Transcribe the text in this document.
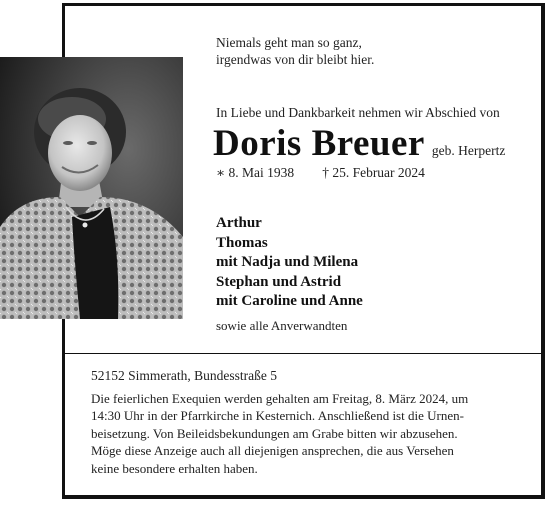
Niemals geht man so ganz,
irgendwas von dir bleibt hier.
In Liebe und Dankbarkeit nehmen wir Abschied von
Doris Breuer geb. Herpertz
∗ 8. Mai 1938 † 25. Februar 2024
Arthur
Thomas
mit Nadja und Milena
Stephan und Astrid
mit Caroline und Anne
sowie alle Anverwandten
52152 Simmerath, Bundesstraße 5
Die feierlichen Exequien werden gehalten am Freitag, 8. März 2024, um
14:30 Uhr in der Pfarrkirche in Kesternich. Anschließend ist die Urnen-
beisetzung. Von Beileidsbekundungen am Grabe bitten wir abzusehen.
Möge diese Anzeige auch all diejenigen ansprechen, die aus Versehen
keine besondere erhalten haben.
